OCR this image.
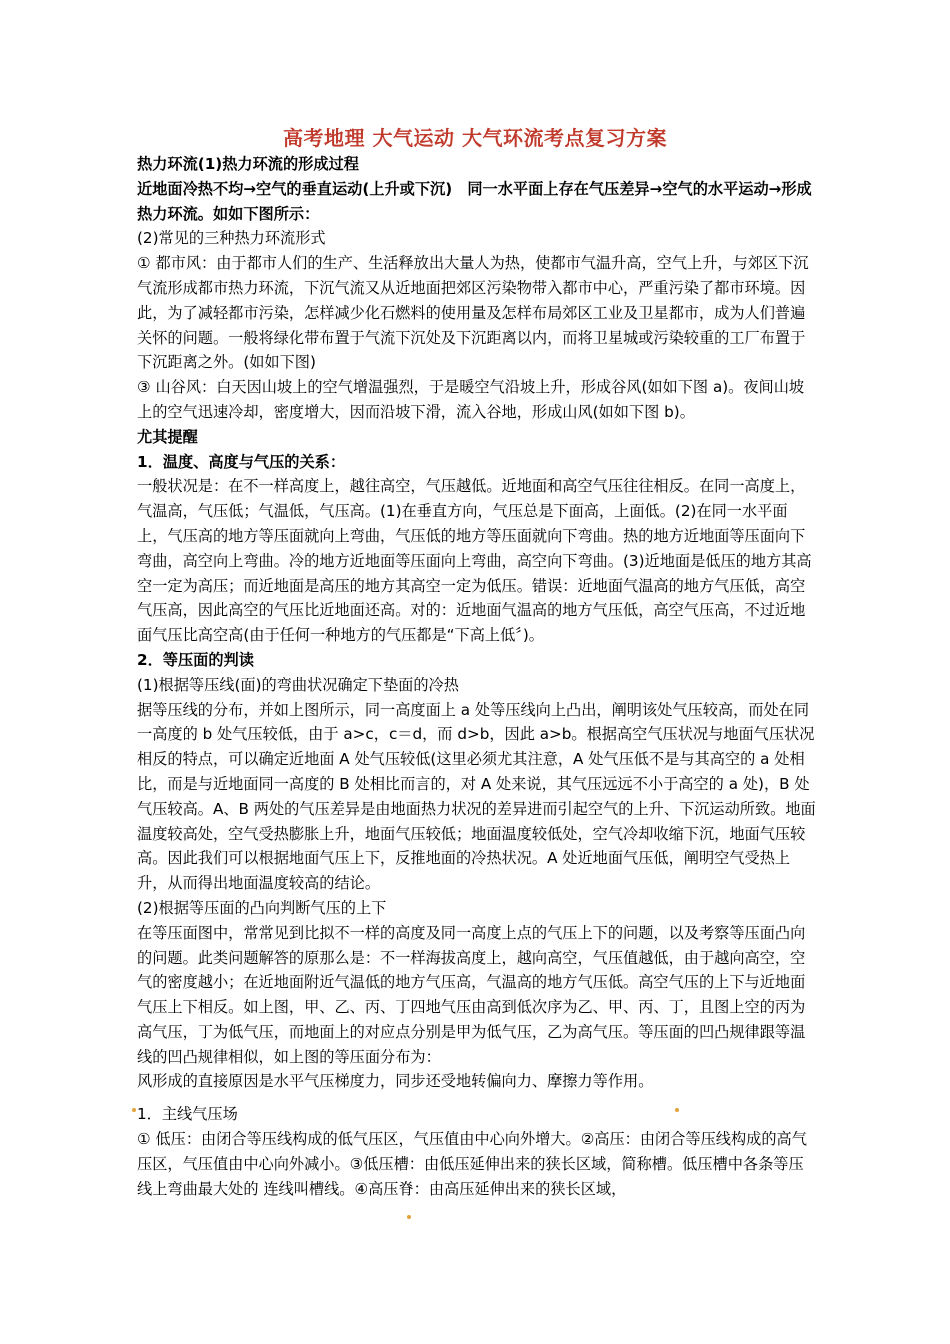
高考地理 大气运动 大气环流考点复习方案

热力环流(1)热力环流的形成过程

近地面冷热不均→空气的垂直运动(上升或下沉)　同一水平面上存在气压差异→空气的水平运动→形成热力环流。如如下图所示：

(2)常见的三种热力环流形式

① 都市风：由于都市人们的生产、生活释放出大量人为热，使都市气温升高，空气上升，与郊区下沉气流形成都市热力环流，下沉气流又从近地面把郊区污染物带入都市中心，严重污染了都市环境。因此，为了减轻都市污染，怎样减少化石燃料的使用量及怎样布局郊区工业及卫星都市，成为人们普遍关怀的问题。一般将绿化带布置于气流下沉处及下沉距离以内，而将卫星城或污染较重的工厂布置于下沉距离之外。(如如下图)

③ 山谷风：白天因山坡上的空气增温强烈，于是暖空气沿坡上升，形成谷风(如如下图 a)。夜间山坡上的空气迅速冷却，密度增大，因而沿坡下滑，流入谷地，形成山风(如如下图 b)。

尤其提醒

1．温度、高度与气压的关系：

一般状况是：在不一样高度上，越往高空，气压越低。近地面和高空气压往往相反。在同一高度上，气温高，气压低；气温低，气压高。(1)在垂直方向，气压总是下面高，上面低。(2)在同一水平面上，气压高的地方等压面就向上弯曲，气压低的地方等压面就向下弯曲。热的地方近地面等压面向下弯曲，高空向上弯曲。冷的地方近地面等压面向上弯曲，高空向下弯曲。(3)近地面是低压的地方其高空一定为高压；而近地面是高压的地方其高空一定为低压。错误：近地面气温高的地方气压低，高空气压高，因此高空的气压比近地面还高。对的：近地面气温高的地方气压低，高空气压高，不过近地面气压比高空高(由于任何一种地方的气压都是“下高上低〞)。

2．等压面的判读

(1)根据等压线(面)的弯曲状况确定下垫面的冷热

据等压线的分布，并如上图所示，同一高度面上 a 处等压线向上凸出，阐明该处气压较高，而处在同一高度的 b 处气压较低，由于 a>c，c＝d，而 d>b，因此 a>b。根据高空气压状况与地面气压状况相反的特点，可以确定近地面 A 处气压较低(这里必须尤其注意，A 处气压低不是与其高空的 a 处相比，而是与近地面同一高度的 B 处相比而言的，对 A 处来说，其气压远远不小于高空的 a 处)，B 处气压较高。A、B 两处的气压差异是由地面热力状况的差异进而引起空气的上升、下沉运动所致。地面温度较高处，空气受热膨胀上升，地面气压较低；地面温度较低处，空气冷却收缩下沉，地面气压较高。因此我们可以根据地面气压上下，反推地面的冷热状况。A 处近地面气压低，阐明空气受热上升，从而得出地面温度较高的结论。

(2)根据等压面的凸向判断气压的上下

在等压面图中，常常见到比拟不一样的高度及同一高度上点的气压上下的问题，以及考察等压面凸向的问题。此类问题解答的原那么是：不一样海拔高度上，越向高空，气压值越低，由于越向高空，空气的密度越小；在近地面附近气温低的地方气压高，气温高的地方气压低。高空气压的上下与近地面气压上下相反。如上图，甲、乙、丙、丁四地气压由高到低次序为乙、甲、丙、丁，且图上空的丙为高气压，丁为低气压，而地面上的对应点分别是甲为低气压，乙为高气压。等压面的凹凸规律跟等温线的凹凸规律相似，如上图的等压面分布为：

风形成的直接原因是水平气压梯度力，同步还受地转偏向力、摩擦力等作用。

1．主线气压场

① 低压：由闭合等压线构成的低气压区，气压值由中心向外增大。②高压：由闭合等压线构成的高气压区，气压值由中心向外减小。③低压槽：由低压延伸出来的狭长区域，简称槽。低压槽中各条等压线上弯曲最大处的 连线叫槽线。④高压脊：由高压延伸出来的狭长区域，
